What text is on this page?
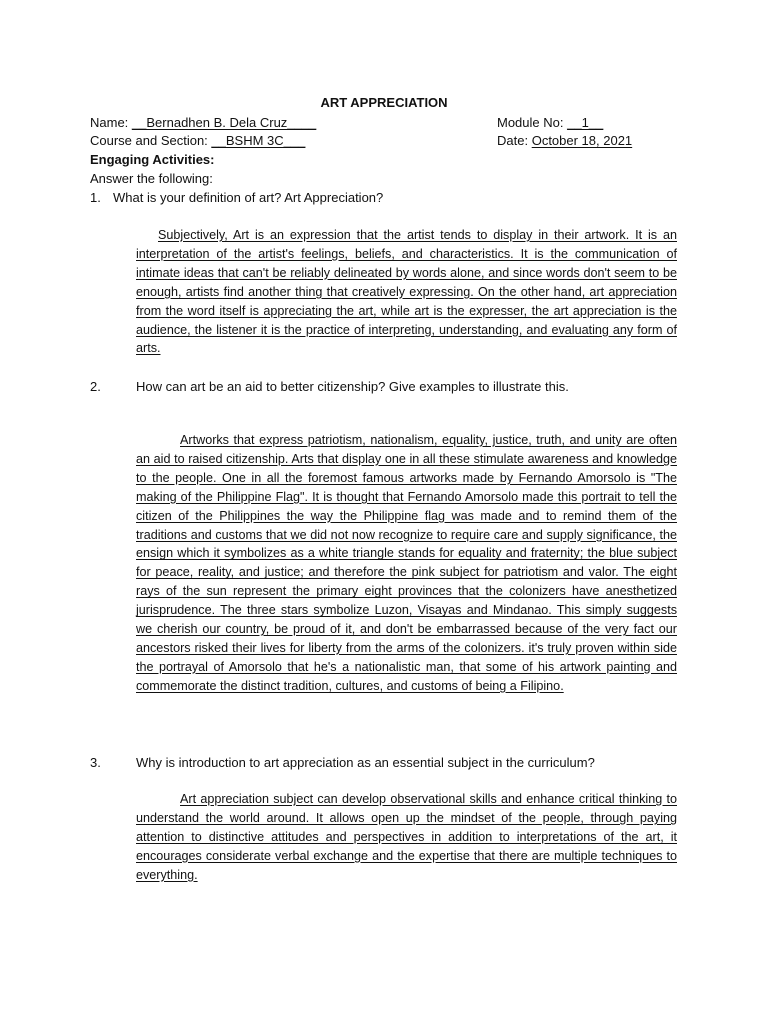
ART APPRECIATION
Name: __Bernadhen B. Dela Cruz____	Module No: __1__
Course and Section: __BSHM 3C___	Date: October 18, 2021
Engaging Activities:
Answer the following:
1. What is your definition of art? Art Appreciation?
Subjectively, Art is an expression that the artist tends to display in their artwork. It is an interpretation of the artist's feelings, beliefs, and characteristics. It is the communication of intimate ideas that can't be reliably delineated by words alone, and since words don't seem to be enough, artists find another thing that creatively expressing. On the other hand, art appreciation from the word itself is appreciating the art, while art is the expresser, the art appreciation is the audience, the listener it is the practice of interpreting, understanding, and evaluating any form of arts.
2.	How can art be an aid to better citizenship? Give examples to illustrate this.
Artworks that express patriotism, nationalism, equality, justice, truth, and unity are often an aid to raised citizenship. Arts that display one in all these stimulate awareness and knowledge to the people. One in all the foremost famous artworks made by Fernando Amorsolo is "The making of the Philippine Flag". It is thought that Fernando Amorsolo made this portrait to tell the citizen of the Philippines the way the Philippine flag was made and to remind them of the traditions and customs that we did not now recognize to require care and supply significance, the ensign which it symbolizes as a white triangle stands for equality and fraternity; the blue subject for peace, reality, and justice; and therefore the pink subject for patriotism and valor. The eight rays of the sun represent the primary eight provinces that the colonizers have anesthetized jurisprudence. The three stars symbolize Luzon, Visayas and Mindanao. This simply suggests we cherish our country, be proud of it, and don't be embarrassed because of the very fact our ancestors risked their lives for liberty from the arms of the colonizers. it's truly proven within side the portrayal of Amorsolo that he's a nationalistic man, that some of his artwork painting and commemorate the distinct tradition, cultures, and customs of being a Filipino.
3.	Why is introduction to art appreciation as an essential subject in the curriculum?
Art appreciation subject can develop observational skills and enhance critical thinking to understand the world around. It allows open up the mindset of the people, through paying attention to distinctive attitudes and perspectives in addition to interpretations of the art, it encourages considerate verbal exchange and the expertise that there are multiple techniques to everything.
